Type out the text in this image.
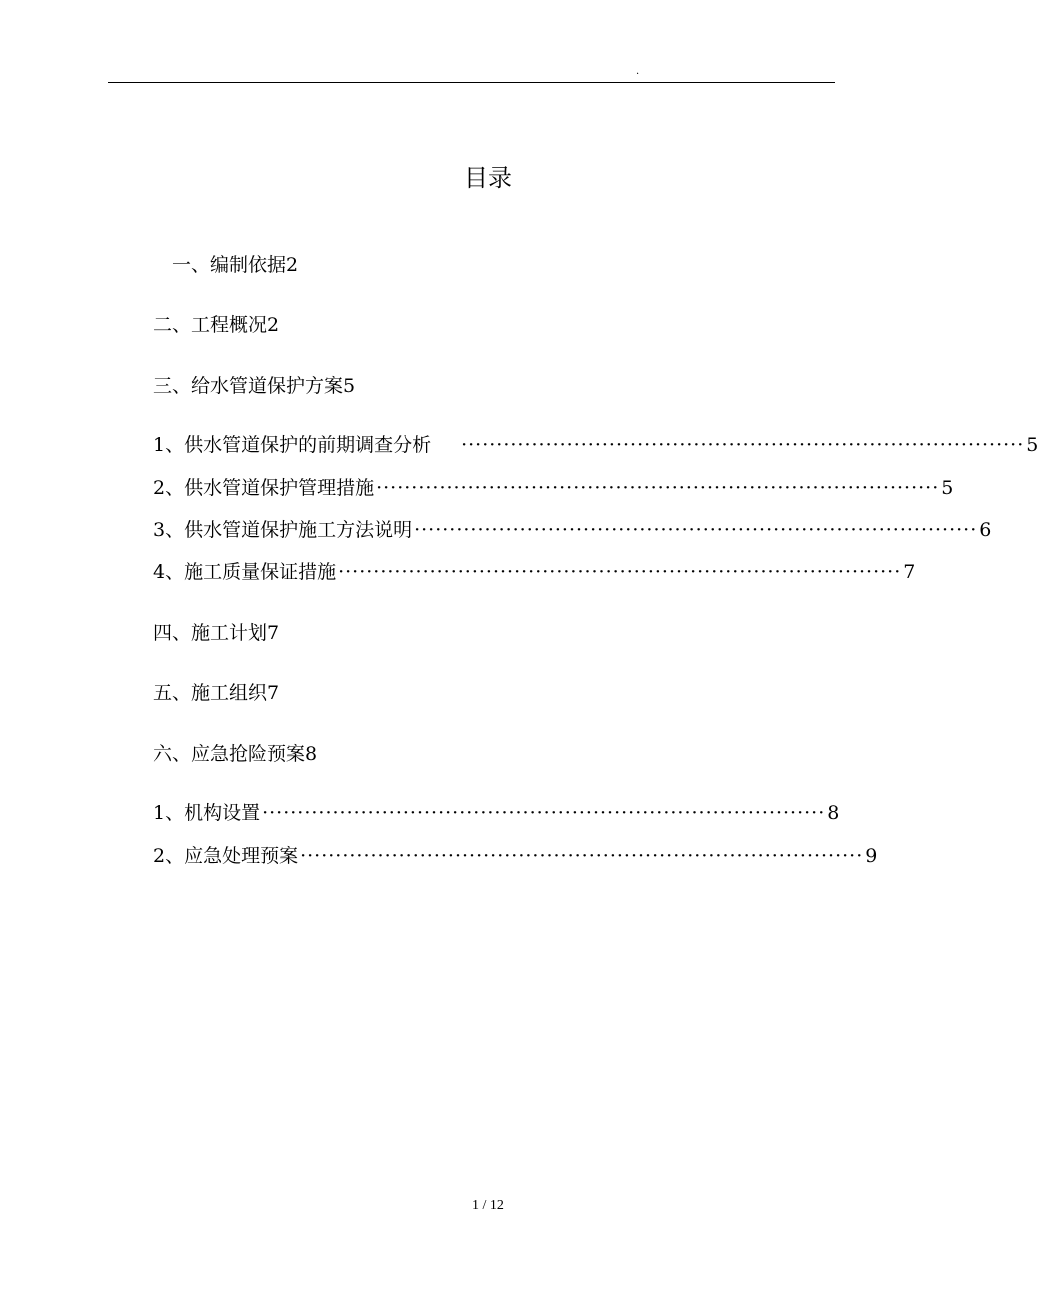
.
目录
一、编制依据2
二、工程概况2
三、给水管道保护方案5
1、供水管道保护的前期调查分析 ················································································ 5
2、供水管道保护管理措施 ················································································ 5
3、供水管道保护施工方法说明 ················································································ 6
4、施工质量保证措施 ················································································ 7
四、施工计划7
五、施工组织7
六、应急抢险预案8
1、机构设置 ················································································ 8
2、应急处理预案 ················································································ 9
1 / 12
